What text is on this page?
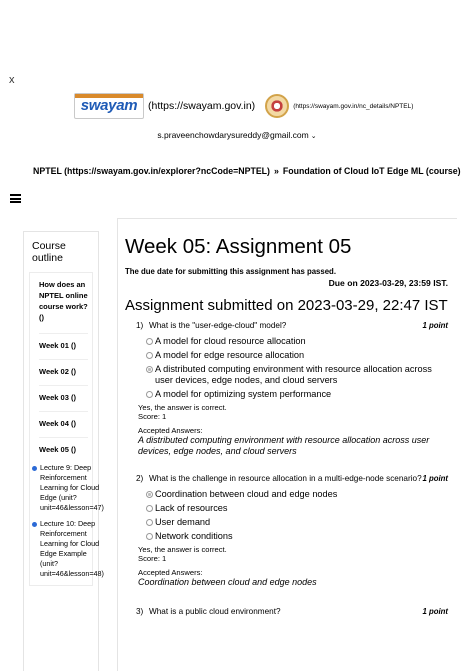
x
swayam	(https://swayam.gov.in)	(https://swayam.gov.in/nc_details/NPTEL)
s.praveenchowdarysureddy@gmail.com ⌄
NPTEL (https://swayam.gov.in/explorer?ncCode=NPTEL) » Foundation of Cloud IoT Edge ML (course)
Course outline
How does an NPTEL online course work? ()
Week 01 ()
Week 02 ()
Week 03 ()
Week 04 ()
Week 05 ()
Lecture 9: Deep Reinforcement Learning for Cloud Edge (unit?unit=46&lesson=47)
Lecture 10: Deep Reinforcement Learning for Cloud Edge Example (unit?unit=46&lesson=48)
Week 05: Assignment 05
The due date for submitting this assignment has passed.
Due on 2023-03-29, 23:59 IST.
Assignment submitted on 2023-03-29, 22:47 IST
1) What is the "user-edge-cloud" model?	1 point
A model for cloud resource allocation
A model for edge resource allocation
A distributed computing environment with resource allocation across user devices, edge nodes, and cloud servers
A model for optimizing system performance
Yes, the answer is correct.
Score: 1
Accepted Answers:
A distributed computing environment with resource allocation across user devices, edge nodes, and cloud servers
2) What is the challenge in resource allocation in a multi-edge-node scenario? 1 point
Coordination between cloud and edge nodes
Lack of resources
User demand
Network conditions
Yes, the answer is correct.
Score: 1
Accepted Answers:
Coordination between cloud and edge nodes
3) What is a public cloud environment?	1 point
